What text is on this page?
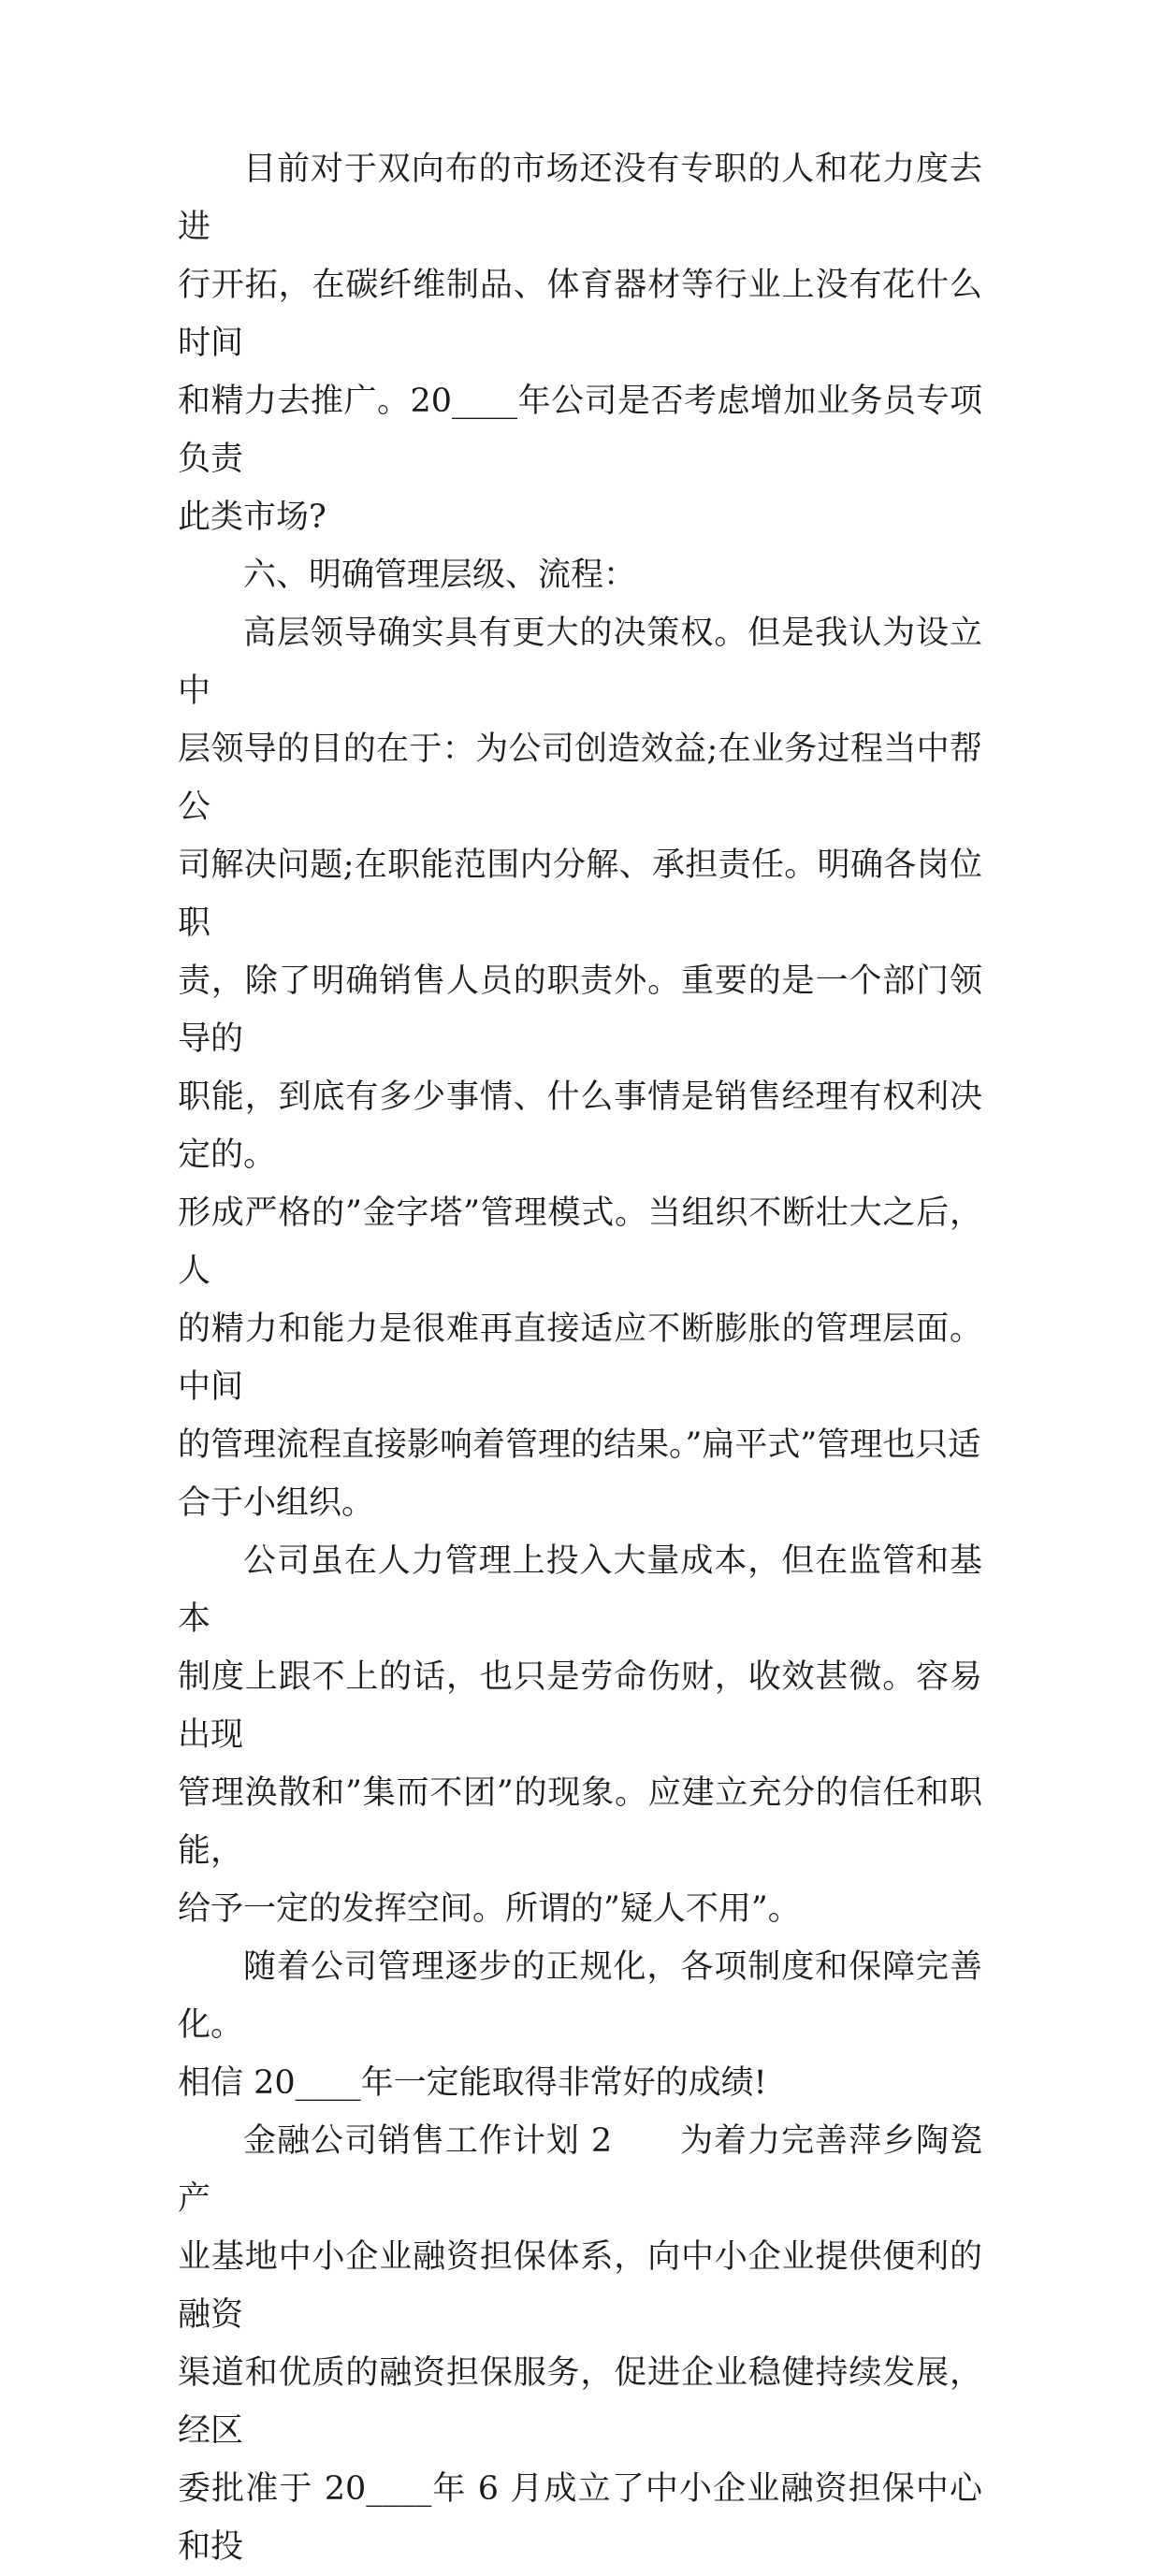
目前对于双向布的市场还没有专职的人和花力度去进
行开拓，在碳纤维制品、体育器材等行业上没有花什么时间
和精力去推广。20____年公司是否考虑增加业务员专项负责
此类市场?
六、明确管理层级、流程：
高层领导确实具有更大的决策权。但是我认为设立中
层领导的目的在于：为公司创造效益;在业务过程当中帮公
司解决问题;在职能范围内分解、承担责任。明确各岗位职
责，除了明确销售人员的职责外。重要的是一个部门领导的
职能，到底有多少事情、什么事情是销售经理有权利决定的。
形成严格的”金字塔”管理模式。当组织不断壮大之后，人
的精力和能力是很难再直接适应不断膨胀的管理层面。中间
的管理流程直接影响着管理的结果。”扁平式”管理也只适
合于小组织。
公司虽在人力管理上投入大量成本，但在监管和基本
制度上跟不上的话，也只是劳命伤财，收效甚微。容易出现
管理涣散和”集而不团”的现象。应建立充分的信任和职能，
给予一定的发挥空间。所谓的”疑人不用”。
随着公司管理逐步的正规化，各项制度和保障完善化。
相信 20____年一定能取得非常好的成绩!
金融公司销售工作计划 2　　为着力完善萍乡陶瓷产
业基地中小企业融资担保体系，向中小企业提供便利的融资
渠道和优质的融资担保服务，促进企业稳健持续发展，经区
委批准于 20____年 6 月成立了中小企业融资担保中心和投
